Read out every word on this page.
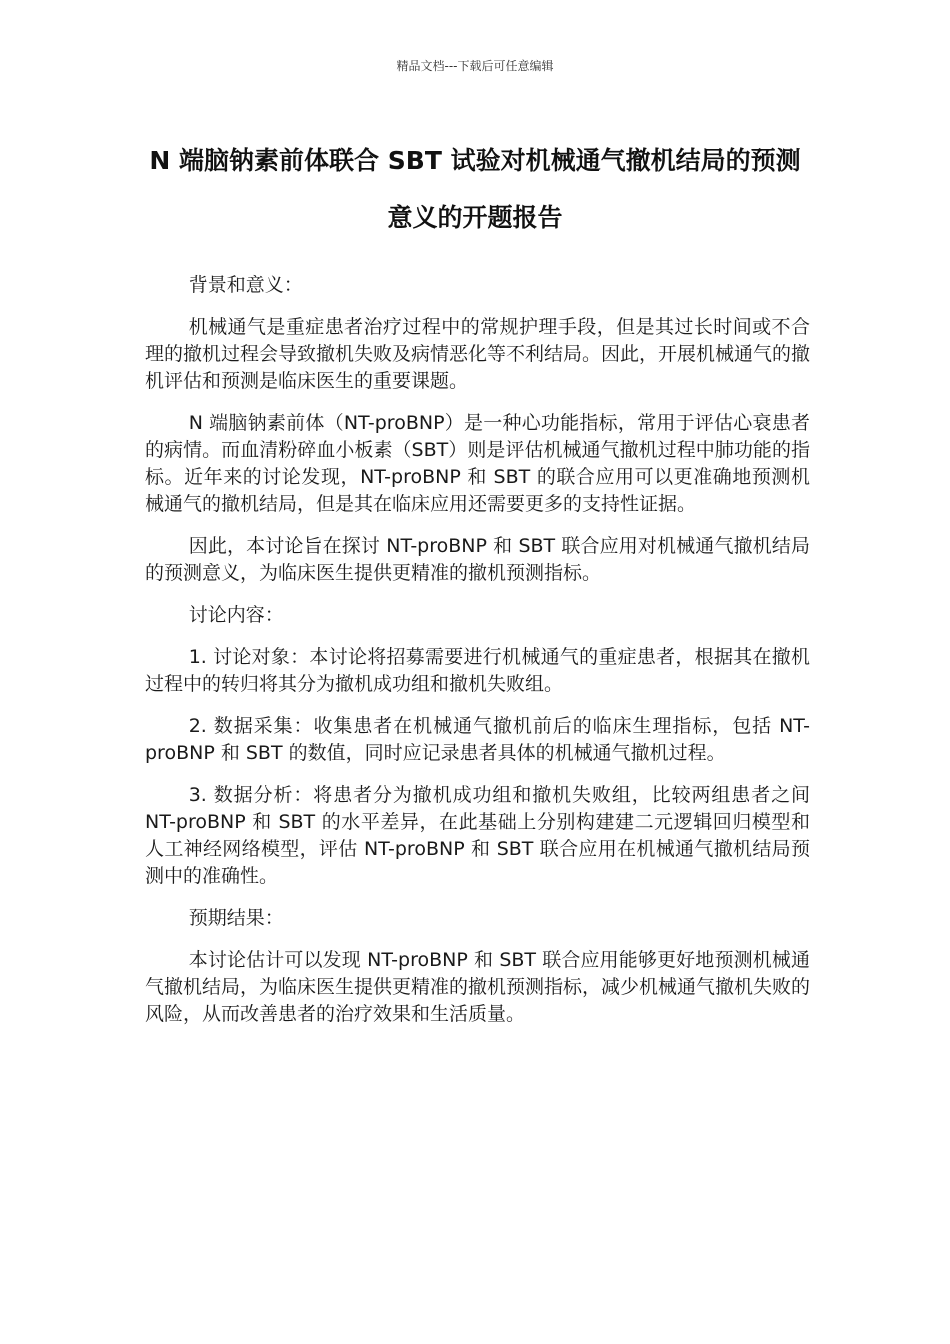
精品文档---下载后可任意编辑
N 端脑钠素前体联合 SBT 试验对机械通气撤机结局的预测意义的开题报告

背景和意义：

机械通气是重症患者治疗过程中的常规护理手段，但是其过长时间或不合理的撤机过程会导致撤机失败及病情恶化等不利结局。因此，开展机械通气的撤机评估和预测是临床医生的重要课题。

N 端脑钠素前体（NT-proBNP）是一种心功能指标，常用于评估心衰患者的病情。而血清粉碎血小板素（SBT）则是评估机械通气撤机过程中肺功能的指标。近年来的讨论发现，NT-proBNP 和 SBT 的联合应用可以更准确地预测机械通气的撤机结局，但是其在临床应用还需要更多的支持性证据。

因此，本讨论旨在探讨 NT-proBNP 和 SBT 联合应用对机械通气撤机结局的预测意义，为临床医生提供更精准的撤机预测指标。

讨论内容：

1. 讨论对象：本讨论将招募需要进行机械通气的重症患者，根据其在撤机过程中的转归将其分为撤机成功组和撤机失败组。

2. 数据采集：收集患者在机械通气撤机前后的临床生理指标，包括 NT-proBNP 和 SBT 的数值，同时应记录患者具体的机械通气撤机过程。

3. 数据分析：将患者分为撤机成功组和撤机失败组，比较两组患者之间 NT-proBNP 和 SBT 的水平差异，在此基础上分别构建建二元逻辑回归模型和人工神经网络模型，评估 NT-proBNP 和 SBT 联合应用在机械通气撤机结局预测中的准确性。

预期结果：

本讨论估计可以发现 NT-proBNP 和 SBT 联合应用能够更好地预测机械通气撤机结局，为临床医生提供更精准的撤机预测指标，减少机械通气撤机失败的风险，从而改善患者的治疗效果和生活质量。
